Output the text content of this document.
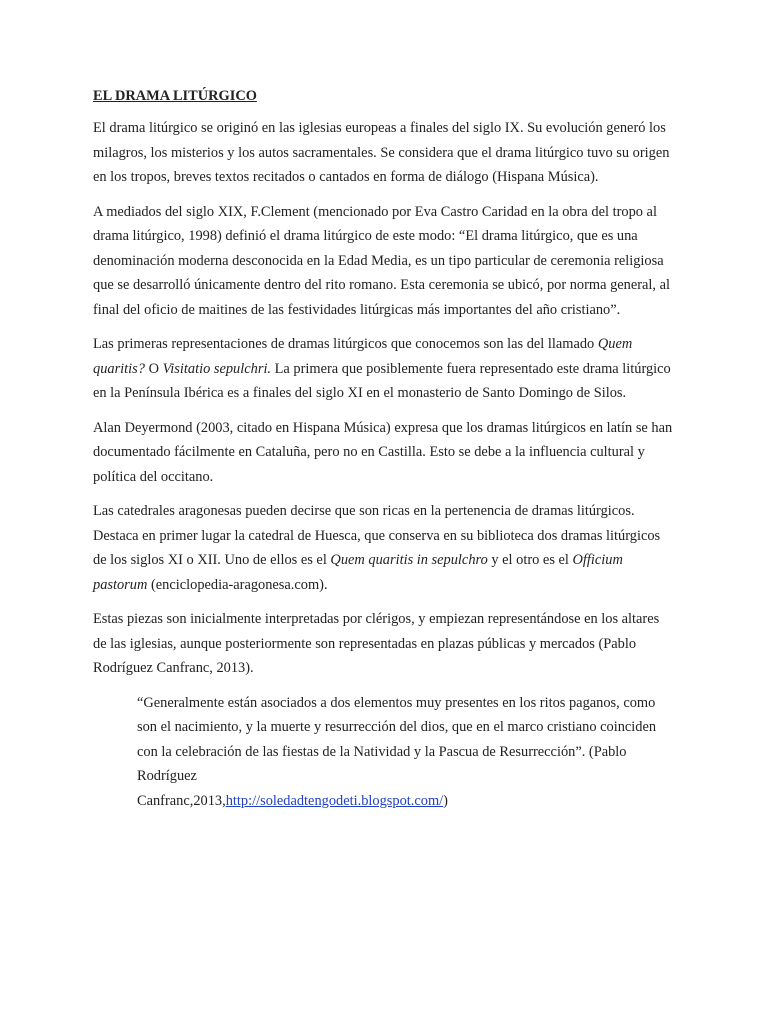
EL DRAMA LITÚRGICO

El drama litúrgico se originó en las iglesias europeas a finales del siglo IX. Su evolución generó los milagros, los misterios y los autos sacramentales. Se considera que el drama litúrgico tuvo su origen en los tropos, breves textos recitados o cantados en forma de diálogo (Hispana Música).

A mediados del siglo XIX, F.Clement (mencionado por Eva Castro Caridad en la obra del tropo al drama litúrgico, 1998) definió el drama litúrgico de este modo: “El drama litúrgico, que es una denominación moderna desconocida en la Edad Media, es un tipo particular de ceremonia religiosa que se desarrolló únicamente dentro del rito romano. Esta ceremonia se ubicó, por norma general, al final del oficio de maitines de las festividades litúrgicas más importantes del año cristiano”.

Las primeras representaciones de dramas litúrgicos que conocemos son las del llamado Quem quaritis? O Visitatio sepulchri. La primera que posiblemente fuera representado este drama litúrgico en la Península Ibérica es a finales del siglo XI en el monasterio de Santo Domingo de Silos.

Alan Deyermond (2003, citado en Hispana Música) expresa que los dramas litúrgicos en latín se han documentado fácilmente en Cataluña, pero no en Castilla. Esto se debe a la influencia cultural y política del occitano.

Las catedrales aragonesas pueden decirse que son ricas en la pertenencia de dramas litúrgicos. Destaca en primer lugar la catedral de Huesca, que conserva en su biblioteca dos dramas litúrgicos de los siglos XI o XII. Uno de ellos es el Quem quaritis in sepulchro y el otro es el Officium pastorum (enciclopedia-aragonesa.com).

Estas piezas son inicialmente interpretadas por clérigos, y empiezan representándose en los altares de las iglesias, aunque posteriormente son representadas en plazas públicas y mercados (Pablo Rodríguez Canfranc, 2013).

“Generalmente están asociados a dos elementos muy presentes en los ritos paganos, como son el nacimiento, y la muerte y resurrección del dios, que en el marco cristiano coinciden con la celebración de las fiestas de la Natividad y la Pascua de Resurrección”. (Pablo Rodríguez
Canfranc,2013,http://soledadtengodeti.blogspot.com/)
